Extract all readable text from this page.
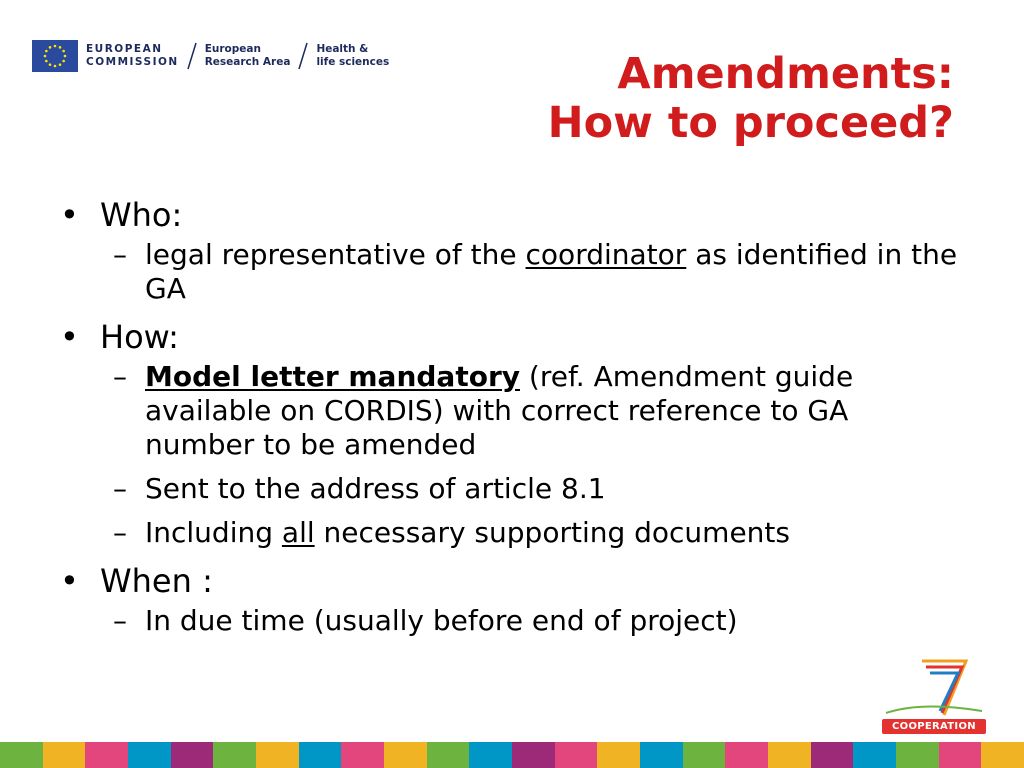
EUROPEAN
COMMISSION
European
Research Area
Health &
life sciences	Amendments:
How to proceed?
• Who:
– legal representative of the coordinator as identified in the GA
• How:
– Model letter mandatory (ref. Amendment guide available on CORDIS) with correct reference to GA number to be amended
– Sent to the address of article 8.1
– Including all necessary supporting documents
• When :
– In due time (usually before end of project)
7
COOPERATION
